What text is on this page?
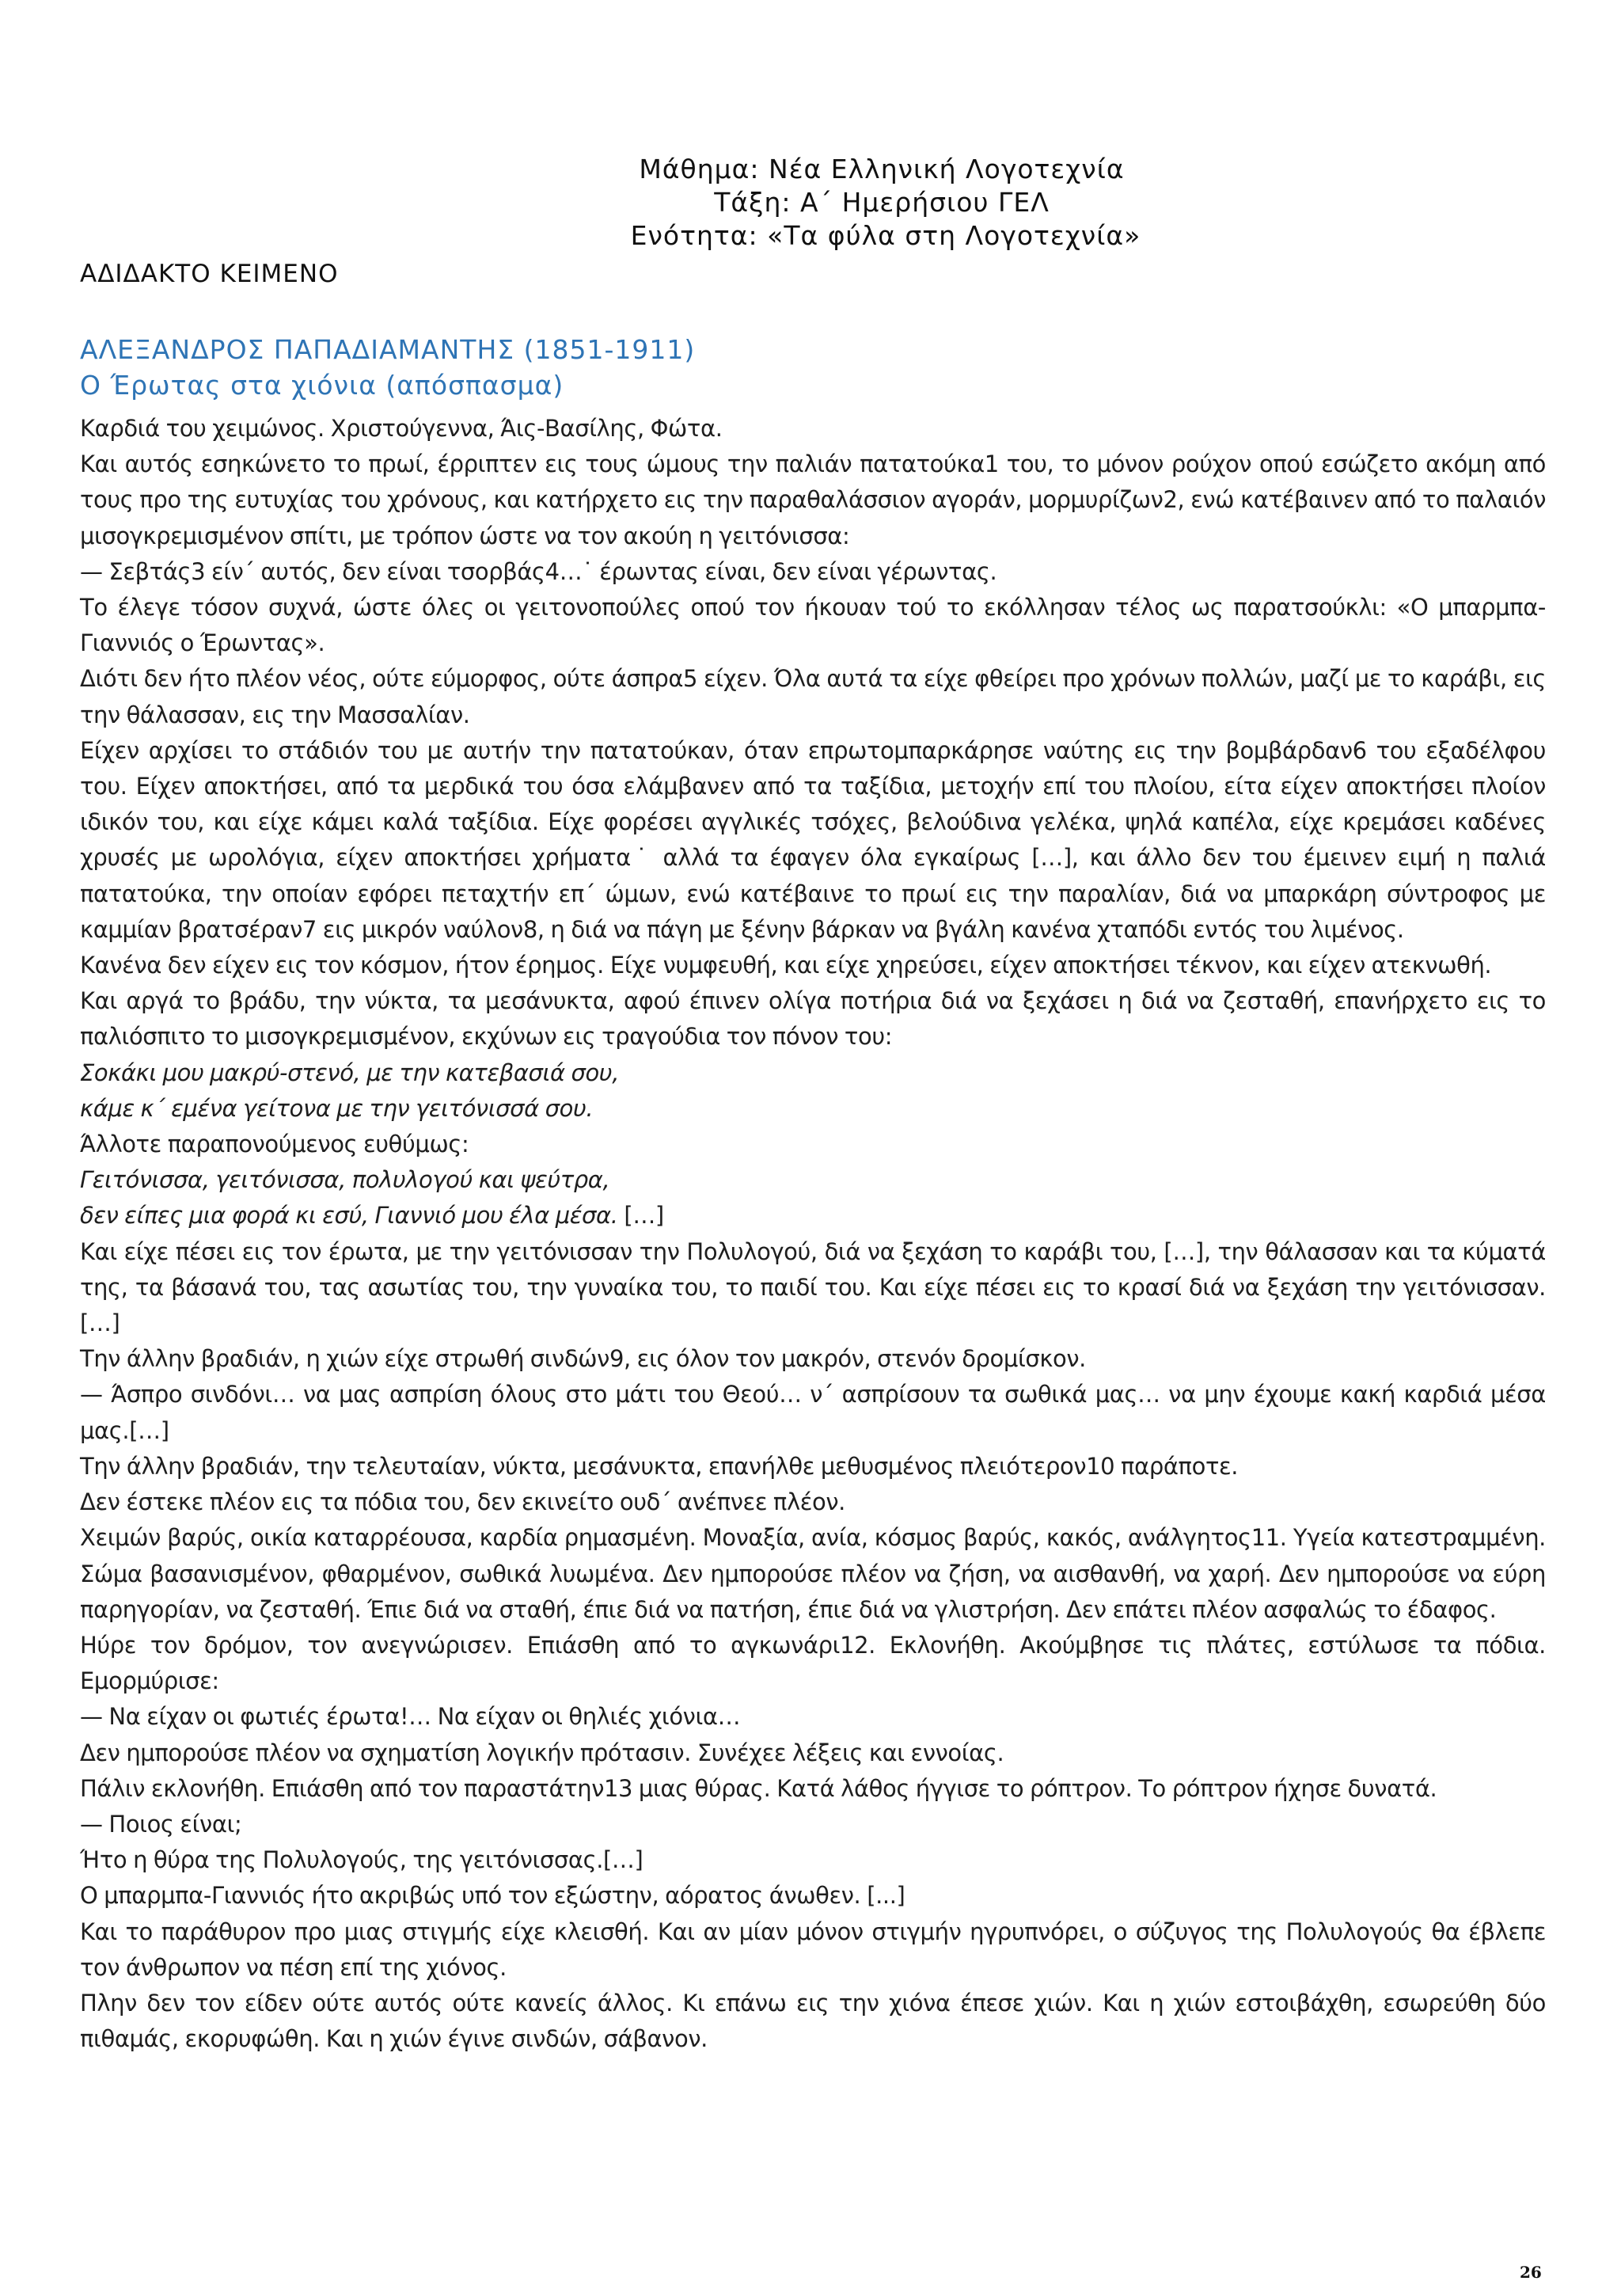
Μάθημα: Νέα Ελληνική Λογοτεχνία
Τάξη: Α΄ Ημερήσιου ΓΕΛ
Ενότητα: «Τα φύλα στη Λογοτεχνία»
ΑΔΙΔΑΚΤΟ ΚΕΙΜΕΝΟ
ΑΛΕΞΑΝΔΡΟΣ ΠΑΠΑΔΙΑΜΑΝΤΗΣ (1851-1911)
Ο Έρωτας στα χιόνια (απόσπασμα)

Καρδιά του χειμώνος. Χριστούγεννα, Άις-Βασίλης, Φώτα.

Και αυτός εσηκώνετο το πρωί, έρριπτεν εις τους ώμους την παλιάν πατατούκα1 του, το μόνον ρούχον οπού εσώζετο ακόμη από τους προ της ευτυχίας του χρόνους, και κατήρχετο εις την παραθαλάσσιον αγοράν, μορμυρίζων2, ενώ κατέβαινεν από το παλαιόν μισογκρεμισμένον σπίτι, με τρόπον ώστε να τον ακούη η γειτόνισσα:

— Σεβτάς3 είν΄ αυτός, δεν είναι τσορβάς4…˙ έρωντας είναι, δεν είναι γέρωντας.

Το έλεγε τόσον συχνά, ώστε όλες οι γειτονοπούλες οπού τον ήκουαν τού το εκόλλησαν τέλος ως παρατσούκλι: «Ο μπαρμπα-Γιαννιός ο Έρωντας».

Διότι δεν ήτο πλέον νέος, ούτε εύμορφος, ούτε άσπρα5 είχεν. Όλα αυτά τα είχε φθείρει προ χρόνων πολλών, μαζί με το καράβι, εις την θάλασσαν, εις την Μασσαλίαν.

Είχεν αρχίσει το στάδιόν του με αυτήν την πατατούκαν, όταν επρωτομπαρκάρησε ναύτης εις την βομβάρδαν6 του εξαδέλφου του. Είχεν αποκτήσει, από τα μερδικά του όσα ελάμβανεν από τα ταξίδια, μετοχήν επί του πλοίου, είτα είχεν αποκτήσει πλοίον ιδικόν του, και είχε κάμει καλά ταξίδια. Είχε φορέσει αγγλικές τσόχες, βελούδινα γελέκα, ψηλά καπέλα, είχε κρεμάσει καδένες χρυσές με ωρολόγια, είχεν αποκτήσει χρήματα˙ αλλά τα έφαγεν όλα εγκαίρως […], και άλλο δεν του έμεινεν ειμή η παλιά πατατούκα, την οποίαν εφόρει πεταχτήν επ΄ ώμων, ενώ κατέβαινε το πρωί εις την παραλίαν, διά να μπαρκάρη σύντροφος με καμμίαν βρατσέραν7 εις μικρόν ναύλον8, η διά να πάγη με ξένην βάρκαν να βγάλη κανένα χταπόδι εντός του λιμένος.

Κανένα δεν είχεν εις τον κόσμον, ήτον έρημος. Είχε νυμφευθή, και είχε χηρεύσει, είχεν αποκτήσει τέκνον, και είχεν ατεκνωθή.

Και αργά το βράδυ, την νύκτα, τα μεσάνυκτα, αφού έπινεν ολίγα ποτήρια διά να ξεχάσει η διά να ζεσταθή, επανήρχετο εις το παλιόσπιτο το μισογκρεμισμένον, εκχύνων εις τραγούδια τον πόνον του:

Σοκάκι μου μακρύ-στενό, με την κατεβασιά σου,

κάμε κ΄ εμένα γείτονα με την γειτόνισσά σου.

Άλλοτε παραπονούμενος ευθύμως:

Γειτόνισσα, γειτόνισσα, πολυλογού και ψεύτρα,

δεν είπες μια φορά κι εσύ, Γιαννιό μου έλα μέσα. […]

Και είχε πέσει εις τον έρωτα, με την γειτόνισσαν την Πολυλογού, διά να ξεχάση το καράβι του, […], την θάλασσαν και τα κύματά της, τα βάσανά του, τας ασωτίας του, την γυναίκα του, το παιδί του. Και είχε πέσει εις το κρασί διά να ξεχάση την γειτόνισσαν.[…]

Την άλλην βραδιάν, η χιών είχε στρωθή σινδών9, εις όλον τον μακρόν, στενόν δρομίσκον.

— Άσπρο σινδόνι… να μας ασπρίση όλους στο μάτι του Θεού… ν΄ ασπρίσουν τα σωθικά μας… να μην έχουμε κακή καρδιά μέσα μας.[…]

Την άλλην βραδιάν, την τελευταίαν, νύκτα, μεσάνυκτα, επανήλθε μεθυσμένος πλειότερον10 παράποτε.

Δεν έστεκε πλέον εις τα πόδια του, δεν εκινείτο ουδ΄ ανέπνεε πλέον.

Χειμών βαρύς, οικία καταρρέουσα, καρδία ρημασμένη. Μοναξία, ανία, κόσμος βαρύς, κακός, ανάλγητος11. Υγεία κατεστραμμένη. Σώμα βασανισμένον, φθαρμένον, σωθικά λυωμένα. Δεν ημπορούσε πλέον να ζήση, να αισθανθή, να χαρή. Δεν ημπορούσε να εύρη παρηγορίαν, να ζεσταθή. Έπιε διά να σταθή, έπιε διά να πατήση, έπιε διά να γλιστρήση. Δεν επάτει πλέον ασφαλώς το έδαφος.

Ηύρε τον δρόμον, τον ανεγνώρισεν. Επιάσθη από το αγκωνάρι12. Εκλονήθη. Ακούμβησε τις πλάτες, εστύλωσε τα πόδια. Εμορμύρισε:

— Να είχαν οι φωτιές έρωτα!… Να είχαν οι θηλιές χιόνια…

Δεν ημπορούσε πλέον να σχηματίση λογικήν πρότασιν. Συνέχεε λέξεις και εννοίας.

Πάλιν εκλονήθη. Επιάσθη από τον παραστάτην13 μιας θύρας. Κατά λάθος ήγγισε το ρόπτρον. Το ρόπτρον ήχησε δυνατά.

— Ποιος είναι;

Ήτο η θύρα της Πολυλογούς, της γειτόνισσας.[…]

Ο μπαρμπα-Γιαννιός ήτο ακριβώς υπό τον εξώστην, αόρατος άνωθεν. [...]

Και το παράθυρον προ μιας στιγμής είχε κλεισθή. Και αν μίαν μόνον στιγμήν ηγρυπνόρει, ο σύζυγος της Πολυλογούς θα έβλεπε τον άνθρωπον να πέση επί της χιόνος.

Πλην δεν τον είδεν ούτε αυτός ούτε κανείς άλλος. Κι επάνω εις την χιόνα έπεσε χιών. Και η χιών εστοιβάχθη, εσωρεύθη δύο πιθαμάς, εκορυφώθη. Και η χιών έγινε σινδών, σάβανον.

26
